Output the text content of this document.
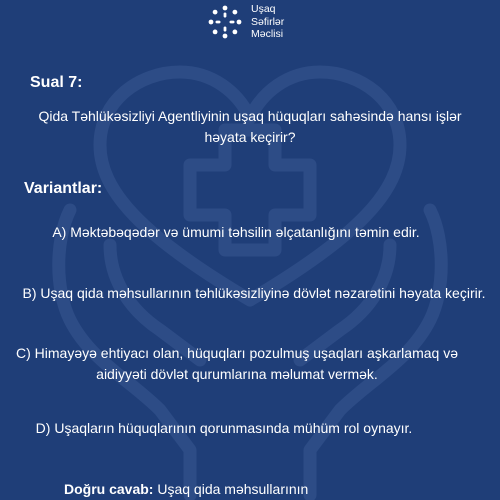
Uşaq
Səfirlər
Məclisi
Sual 7:
Qida Təhlükəsizliyi Agentliyinin uşaq hüquqları sahəsində hansı işlər həyata keçirir?
Variantlar:
A) Məktəbəqədər və ümumi təhsilin əlçatanlığını təmin edir.
B) Uşaq qida məhsullarının təhlükəsizliyinə dövlət nəzarətini həyata keçirir.
C) Himayəyə ehtiyacı olan, hüquqları pozulmuş uşaqları aşkarlamaq və aidiyyəti dövlət qurumlarına məlumat vermək.
D) Uşaqların hüquqlarının qorunmasında mühüm rol oynayır.
Doğru cavab: Uşaq qida məhsullarının
